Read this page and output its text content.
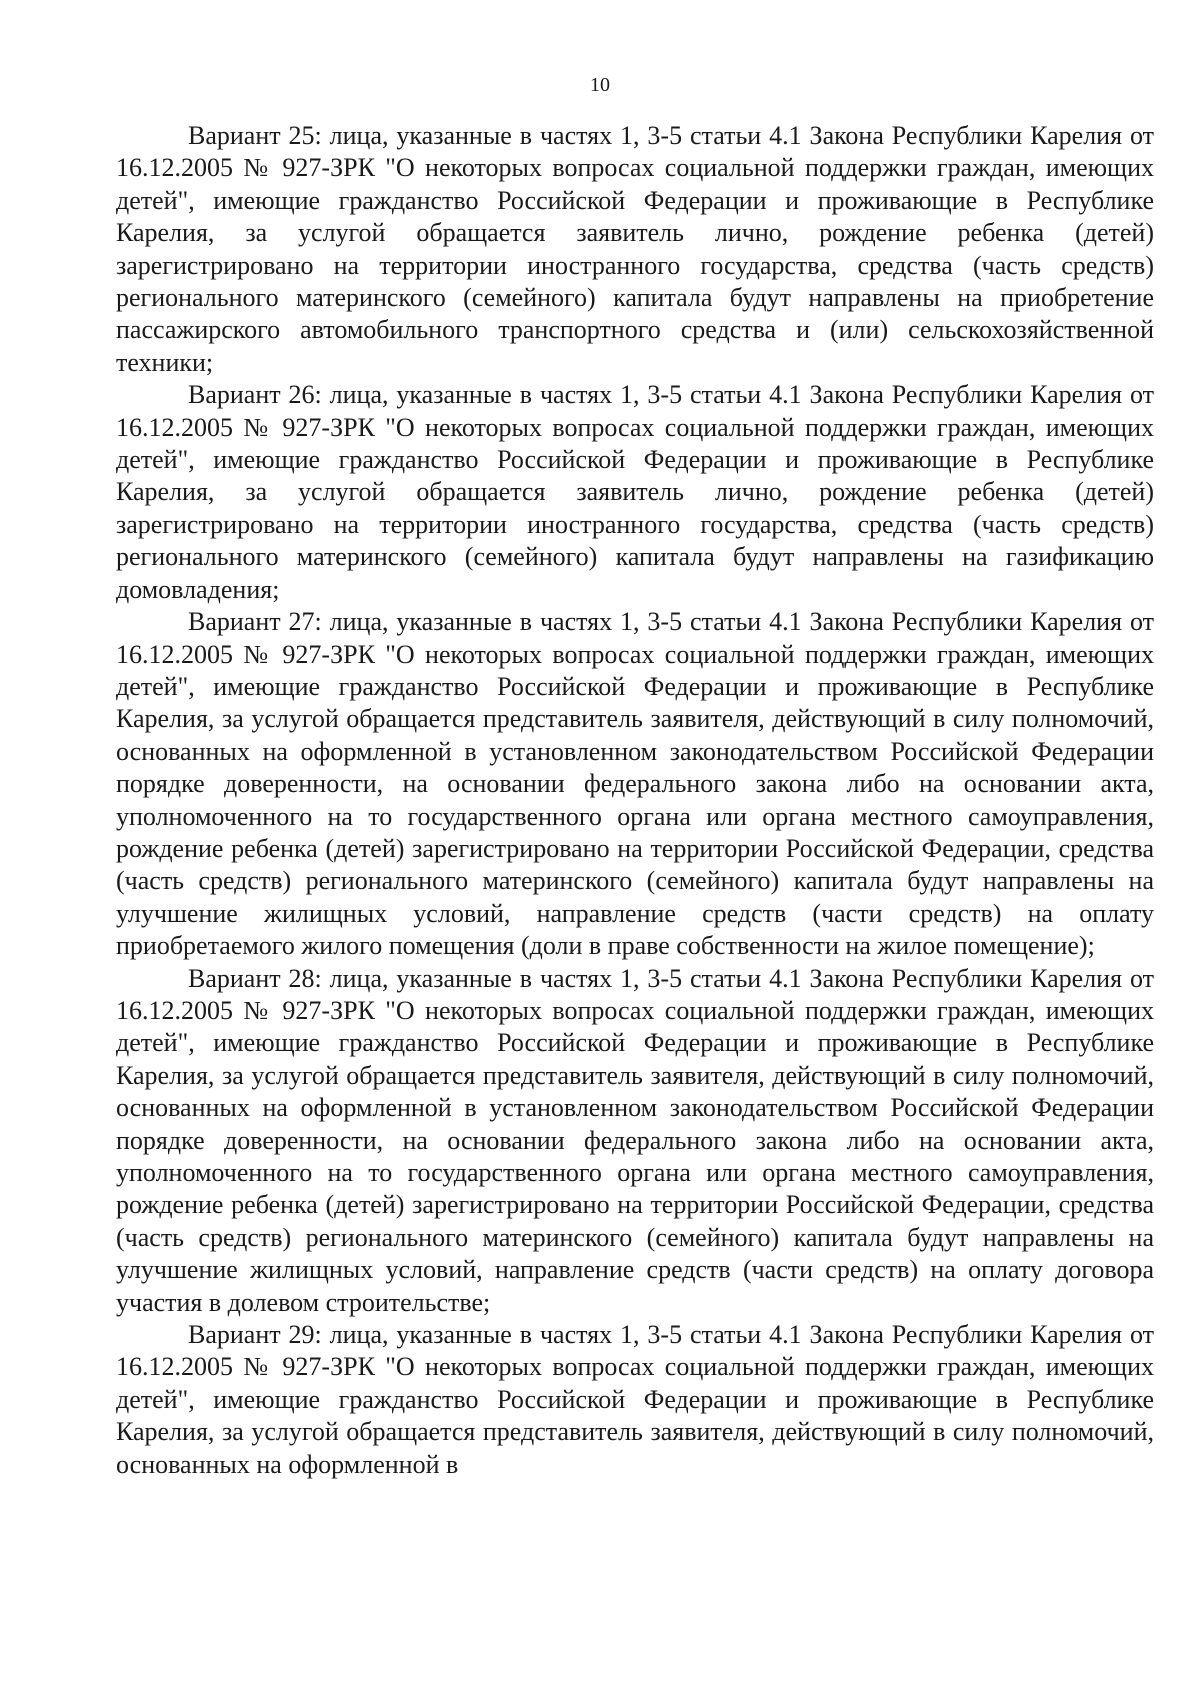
10

Вариант 25: лица, указанные в частях 1, 3-5 статьи 4.1 Закона Республики Карелия от 16.12.2005 № 927-ЗРК "О некоторых вопросах социальной поддержки граждан, имеющих детей", имеющие гражданство Российской Федерации и проживающие в Республике Карелия, за услугой обращается заявитель лично, рождение ребенка (детей) зарегистрировано на территории иностранного государства, средства (часть средств) регионального материнского (семейного) капитала будут направлены на приобретение пассажирского автомобильного транспортного средства и (или) сельскохозяйственной техники;

Вариант 26: лица, указанные в частях 1, 3-5 статьи 4.1 Закона Республики Карелия от 16.12.2005 № 927-ЗРК "О некоторых вопросах социальной поддержки граждан, имеющих детей", имеющие гражданство Российской Федерации и проживающие в Республике Карелия, за услугой обращается заявитель лично, рождение ребенка (детей) зарегистрировано на территории иностранного государства, средства (часть средств) регионального материнского (семейного) капитала будут направлены на газификацию домовладения;

Вариант 27: лица, указанные в частях 1, 3-5 статьи 4.1 Закона Республики Карелия от 16.12.2005 № 927-ЗРК "О некоторых вопросах социальной поддержки граждан, имеющих детей", имеющие гражданство Российской Федерации и проживающие в Республике Карелия, за услугой обращается представитель заявителя, действующий в силу полномочий, основанных на оформленной в установленном законодательством Российской Федерации порядке доверенности, на основании федерального закона либо на основании акта, уполномоченного на то государственного органа или органа местного самоуправления, рождение ребенка (детей) зарегистрировано на территории Российской Федерации, средства (часть средств) регионального материнского (семейного) капитала будут направлены на улучшение жилищных условий, направление средств (части средств) на оплату приобретаемого жилого помещения (доли в праве собственности на жилое помещение);

Вариант 28: лица, указанные в частях 1, 3-5 статьи 4.1 Закона Республики Карелия от 16.12.2005 № 927-ЗРК "О некоторых вопросах социальной поддержки граждан, имеющих детей", имеющие гражданство Российской Федерации и проживающие в Республике Карелия, за услугой обращается представитель заявителя, действующий в силу полномочий, основанных на оформленной в установленном законодательством Российской Федерации порядке доверенности, на основании федерального закона либо на основании акта, уполномоченного на то государственного органа или органа местного самоуправления, рождение ребенка (детей) зарегистрировано на территории Российской Федерации, средства (часть средств) регионального материнского (семейного) капитала будут направлены на улучшение жилищных условий, направление средств (части средств) на оплату договора участия в долевом строительстве;

Вариант 29: лица, указанные в частях 1, 3-5 статьи 4.1 Закона Республики Карелия от 16.12.2005 № 927-ЗРК "О некоторых вопросах социальной поддержки граждан, имеющих детей", имеющие гражданство Российской Федерации и проживающие в Республике Карелия, за услугой обращается представитель заявителя, действующий в силу полномочий, основанных на оформленной в
